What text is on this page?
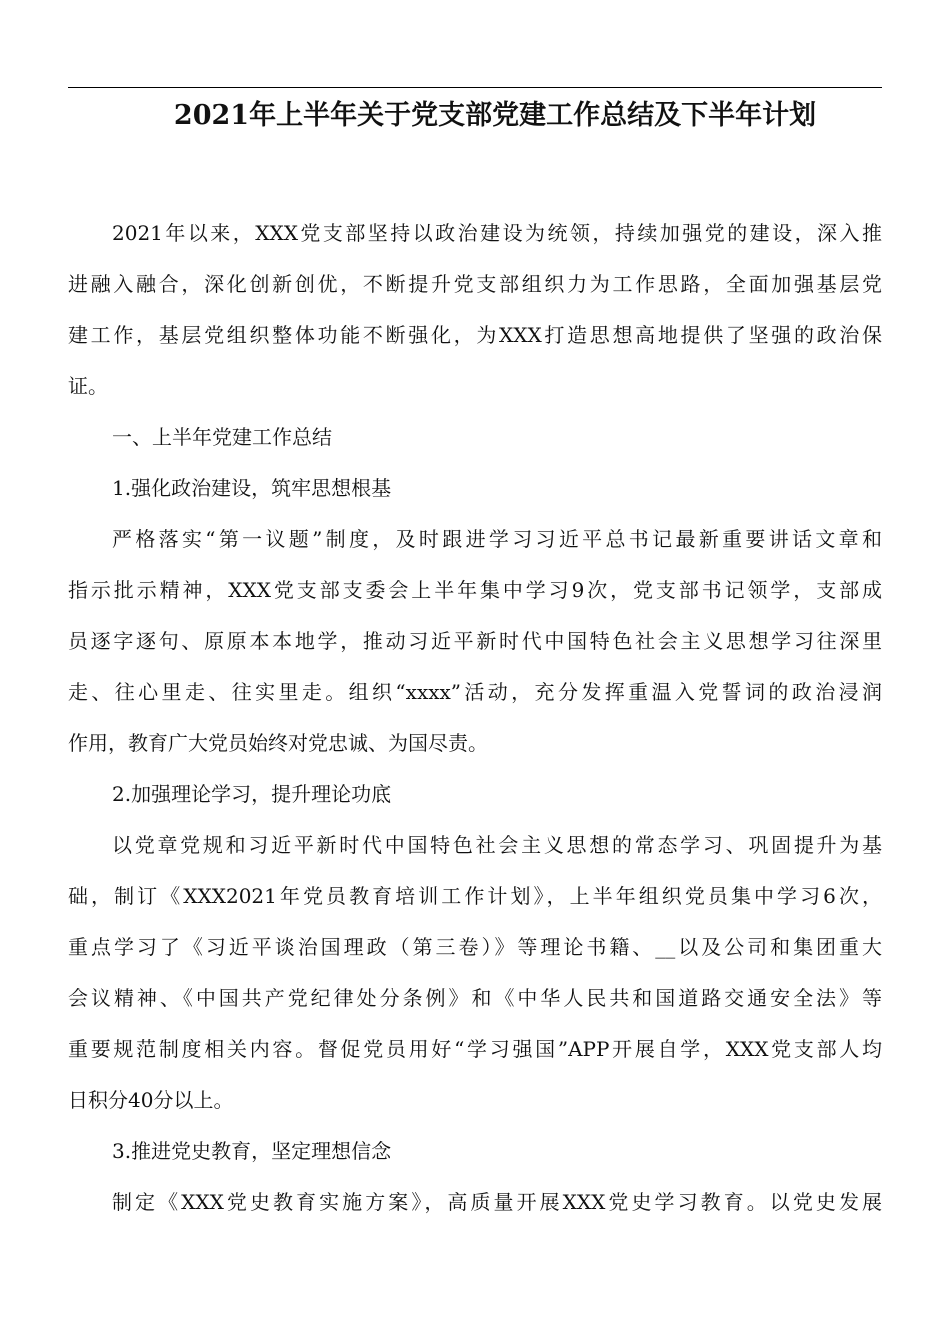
2021年上半年关于党支部党建工作总结及下半年计划
2021年以来，XXX党支部坚持以政治建设为统领，持续加强党的建设，深入推
进融入融合，深化创新创优，不断提升党支部组织力为工作思路，全面加强基层党
建工作，基层党组织整体功能不断强化，为XXX打造思想高地提供了坚强的政治保
证。
一、上半年党建工作总结
1.强化政治建设，筑牢思想根基
严格落实“第一议题”制度，及时跟进学习习近平总书记最新重要讲话文章和
指示批示精神，XXX党支部支委会上半年集中学习9次，党支部书记领学，支部成
员逐字逐句、原原本本地学，推动习近平新时代中国特色社会主义思想学习往深里
走、往心里走、往实里走。组织“xxxx”活动，充分发挥重温入党誓词的政治浸润
作用，教育广大党员始终对党忠诚、为国尽责。
2.加强理论学习，提升理论功底
以党章党规和习近平新时代中国特色社会主义思想的常态学习、巩固提升为基
础，制订《XXX2021年党员教育培训工作计划》，上半年组织党员集中学习6次，
重点学习了《习近平谈治国理政（第三卷）》等理论书籍、__以及公司和集团重大
会议精神、《中国共产党纪律处分条例》和《中华人民共和国道路交通安全法》等
重要规范制度相关内容。督促党员用好“学习强国”APP开展自学，XXX党支部人均
日积分40分以上。
3.推进党史教育，坚定理想信念
制定《XXX党史教育实施方案》，高质量开展XXX党史学习教育。以党史发展
